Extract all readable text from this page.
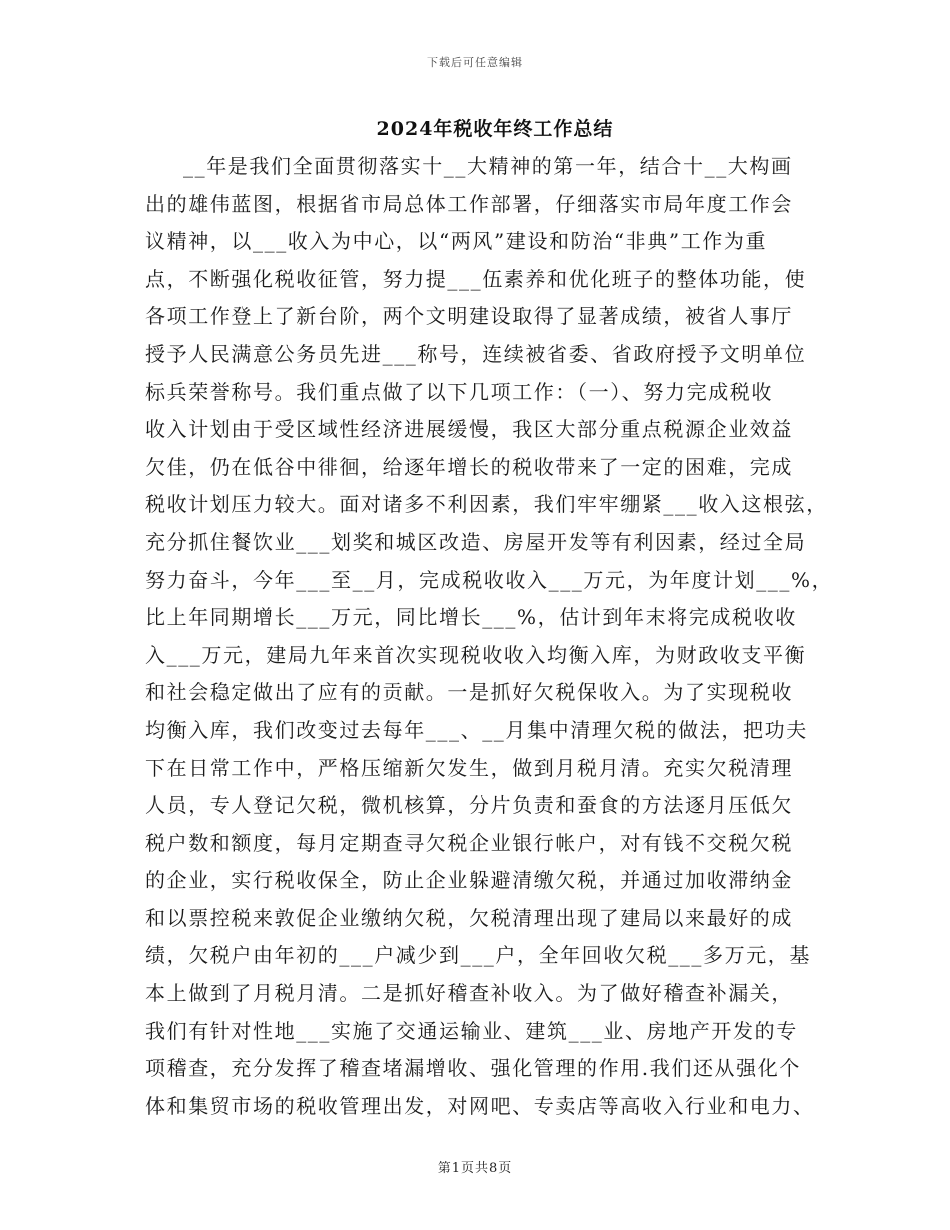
下载后可任意编辑
2024年税收年终工作总结
__年是我们全面贯彻落实十__大精神的第一年，结合十__大构画
出的雄伟蓝图，根据省市局总体工作部署，仔细落实市局年度工作会
议精神，以___收入为中心，以“两风”建设和防治“非典”工作为重
点，不断强化税收征管，努力提___伍素养和优化班子的整体功能，使
各项工作登上了新台阶，两个文明建设取得了显著成绩，被省人事厅
授予人民满意公务员先进___称号，连续被省委、省政府授予文明单位
标兵荣誉称号。我们重点做了以下几项工作：（一）、努力完成税收
收入计划由于受区域性经济进展缓慢，我区大部分重点税源企业效益
欠佳，仍在低谷中徘徊，给逐年增长的税收带来了一定的困难，完成
税收计划压力较大。面对诸多不利因素，我们牢牢绷紧___收入这根弦，
充分抓住餐饮业___划奖和城区改造、房屋开发等有利因素，经过全局
努力奋斗，今年___至__月，完成税收收入___万元，为年度计划___%，
比上年同期增长___万元，同比增长___%，估计到年末将完成税收收
入___万元，建局九年来首次实现税收收入均衡入库，为财政收支平衡
和社会稳定做出了应有的贡献。一是抓好欠税保收入。为了实现税收
均衡入库，我们改变过去每年___、__月集中清理欠税的做法，把功夫
下在日常工作中，严格压缩新欠发生，做到月税月清。充实欠税清理
人员，专人登记欠税，微机核算，分片负责和蚕食的方法逐月压低欠
税户数和额度，每月定期查寻欠税企业银行帐户，对有钱不交税欠税
的企业，实行税收保全，防止企业躲避清缴欠税，并通过加收滞纳金
和以票控税来敦促企业缴纳欠税，欠税清理出现了建局以来最好的成
绩，欠税户由年初的___户减少到___户，全年回收欠税___多万元，基
本上做到了月税月清。二是抓好稽查补收入。为了做好稽查补漏关，
我们有针对性地___实施了交通运输业、建筑___业、房地产开发的专
项稽查，充分发挥了稽查堵漏增收、强化管理的作用.我们还从强化个
体和集贸市场的税收管理出发，对网吧、专卖店等高收入行业和电力、
第1页共8页
